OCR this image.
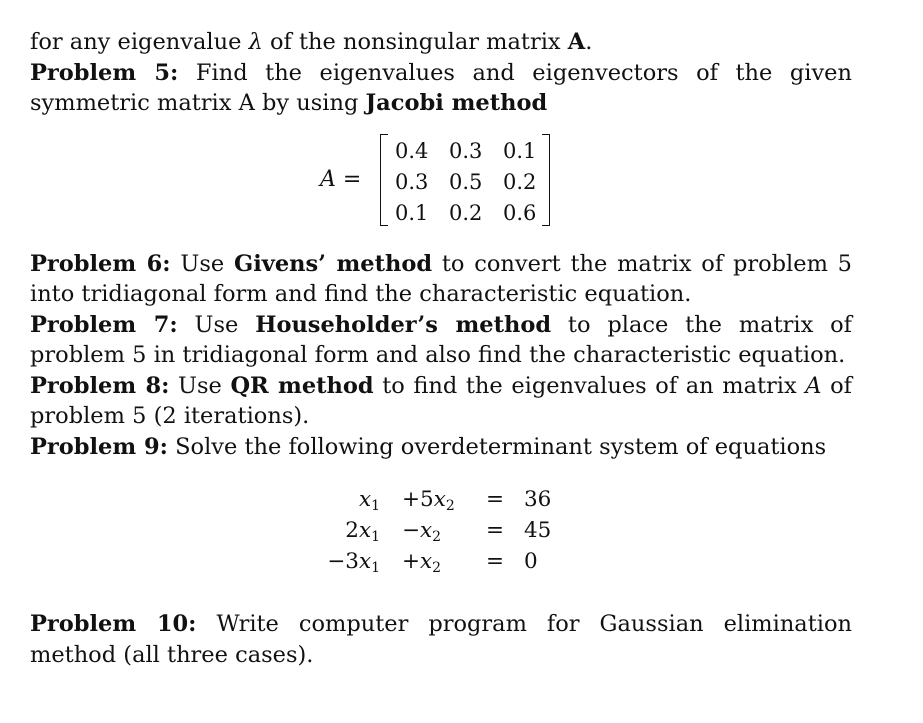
for any eigenvalue λ of the nonsingular matrix A.

Problem 5: Find the eigenvalues and eigenvectors of the given symmetric matrix A by using Jacobi method

A =
0.4 0.3 0.1
0.3 0.5 0.2
0.1 0.2 0.6

Problem 6: Use Givens’ method to convert the matrix of problem 5 into tridiagonal form and find the characteristic equation.

Problem 7: Use Householder’s method to place the matrix of problem 5 in tridiagonal form and also find the characteristic equation.

Problem 8: Use QR method to find the eigenvalues of an matrix A of problem 5 (2 iterations).

Problem 9: Solve the following overdeterminant system of equations

$x_1 +5x_2 = 36$
$2x_1 -x_2 = 45$
$-3x_1 +x_2 = 0$

Problem 10: Write computer program for Gaussian elimination method (all three cases).
